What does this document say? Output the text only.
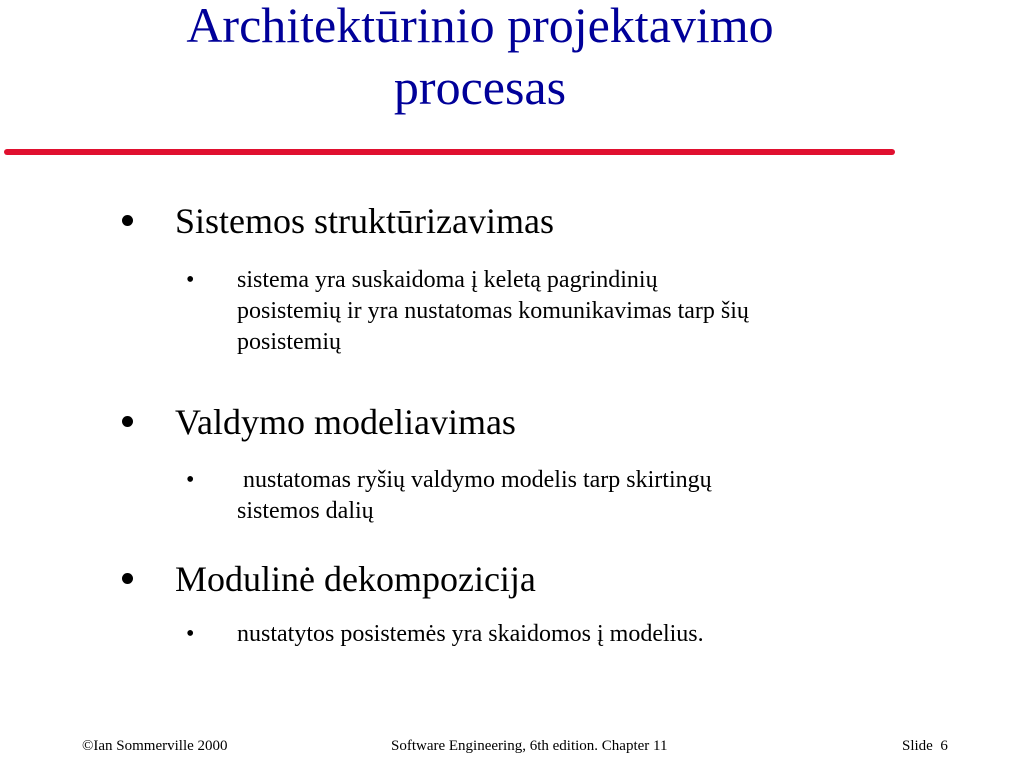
Architektūrinio projektavimo
procesas
Sistemos struktūrizavimas
• sistema yra suskaidoma į keletą pagrindinių
posistemių ir yra nustatomas komunikavimas tarp šių
posistemių
Valdymo modeliavimas
• nustatomas ryšių valdymo modelis tarp skirtingų
sistemos dalių
Modulinė dekompozicija
• nustatytos posistemės yra skaidomos į modelius.
©Ian Sommerville 2000	Software Engineering, 6th edition. Chapter 11	Slide  6
